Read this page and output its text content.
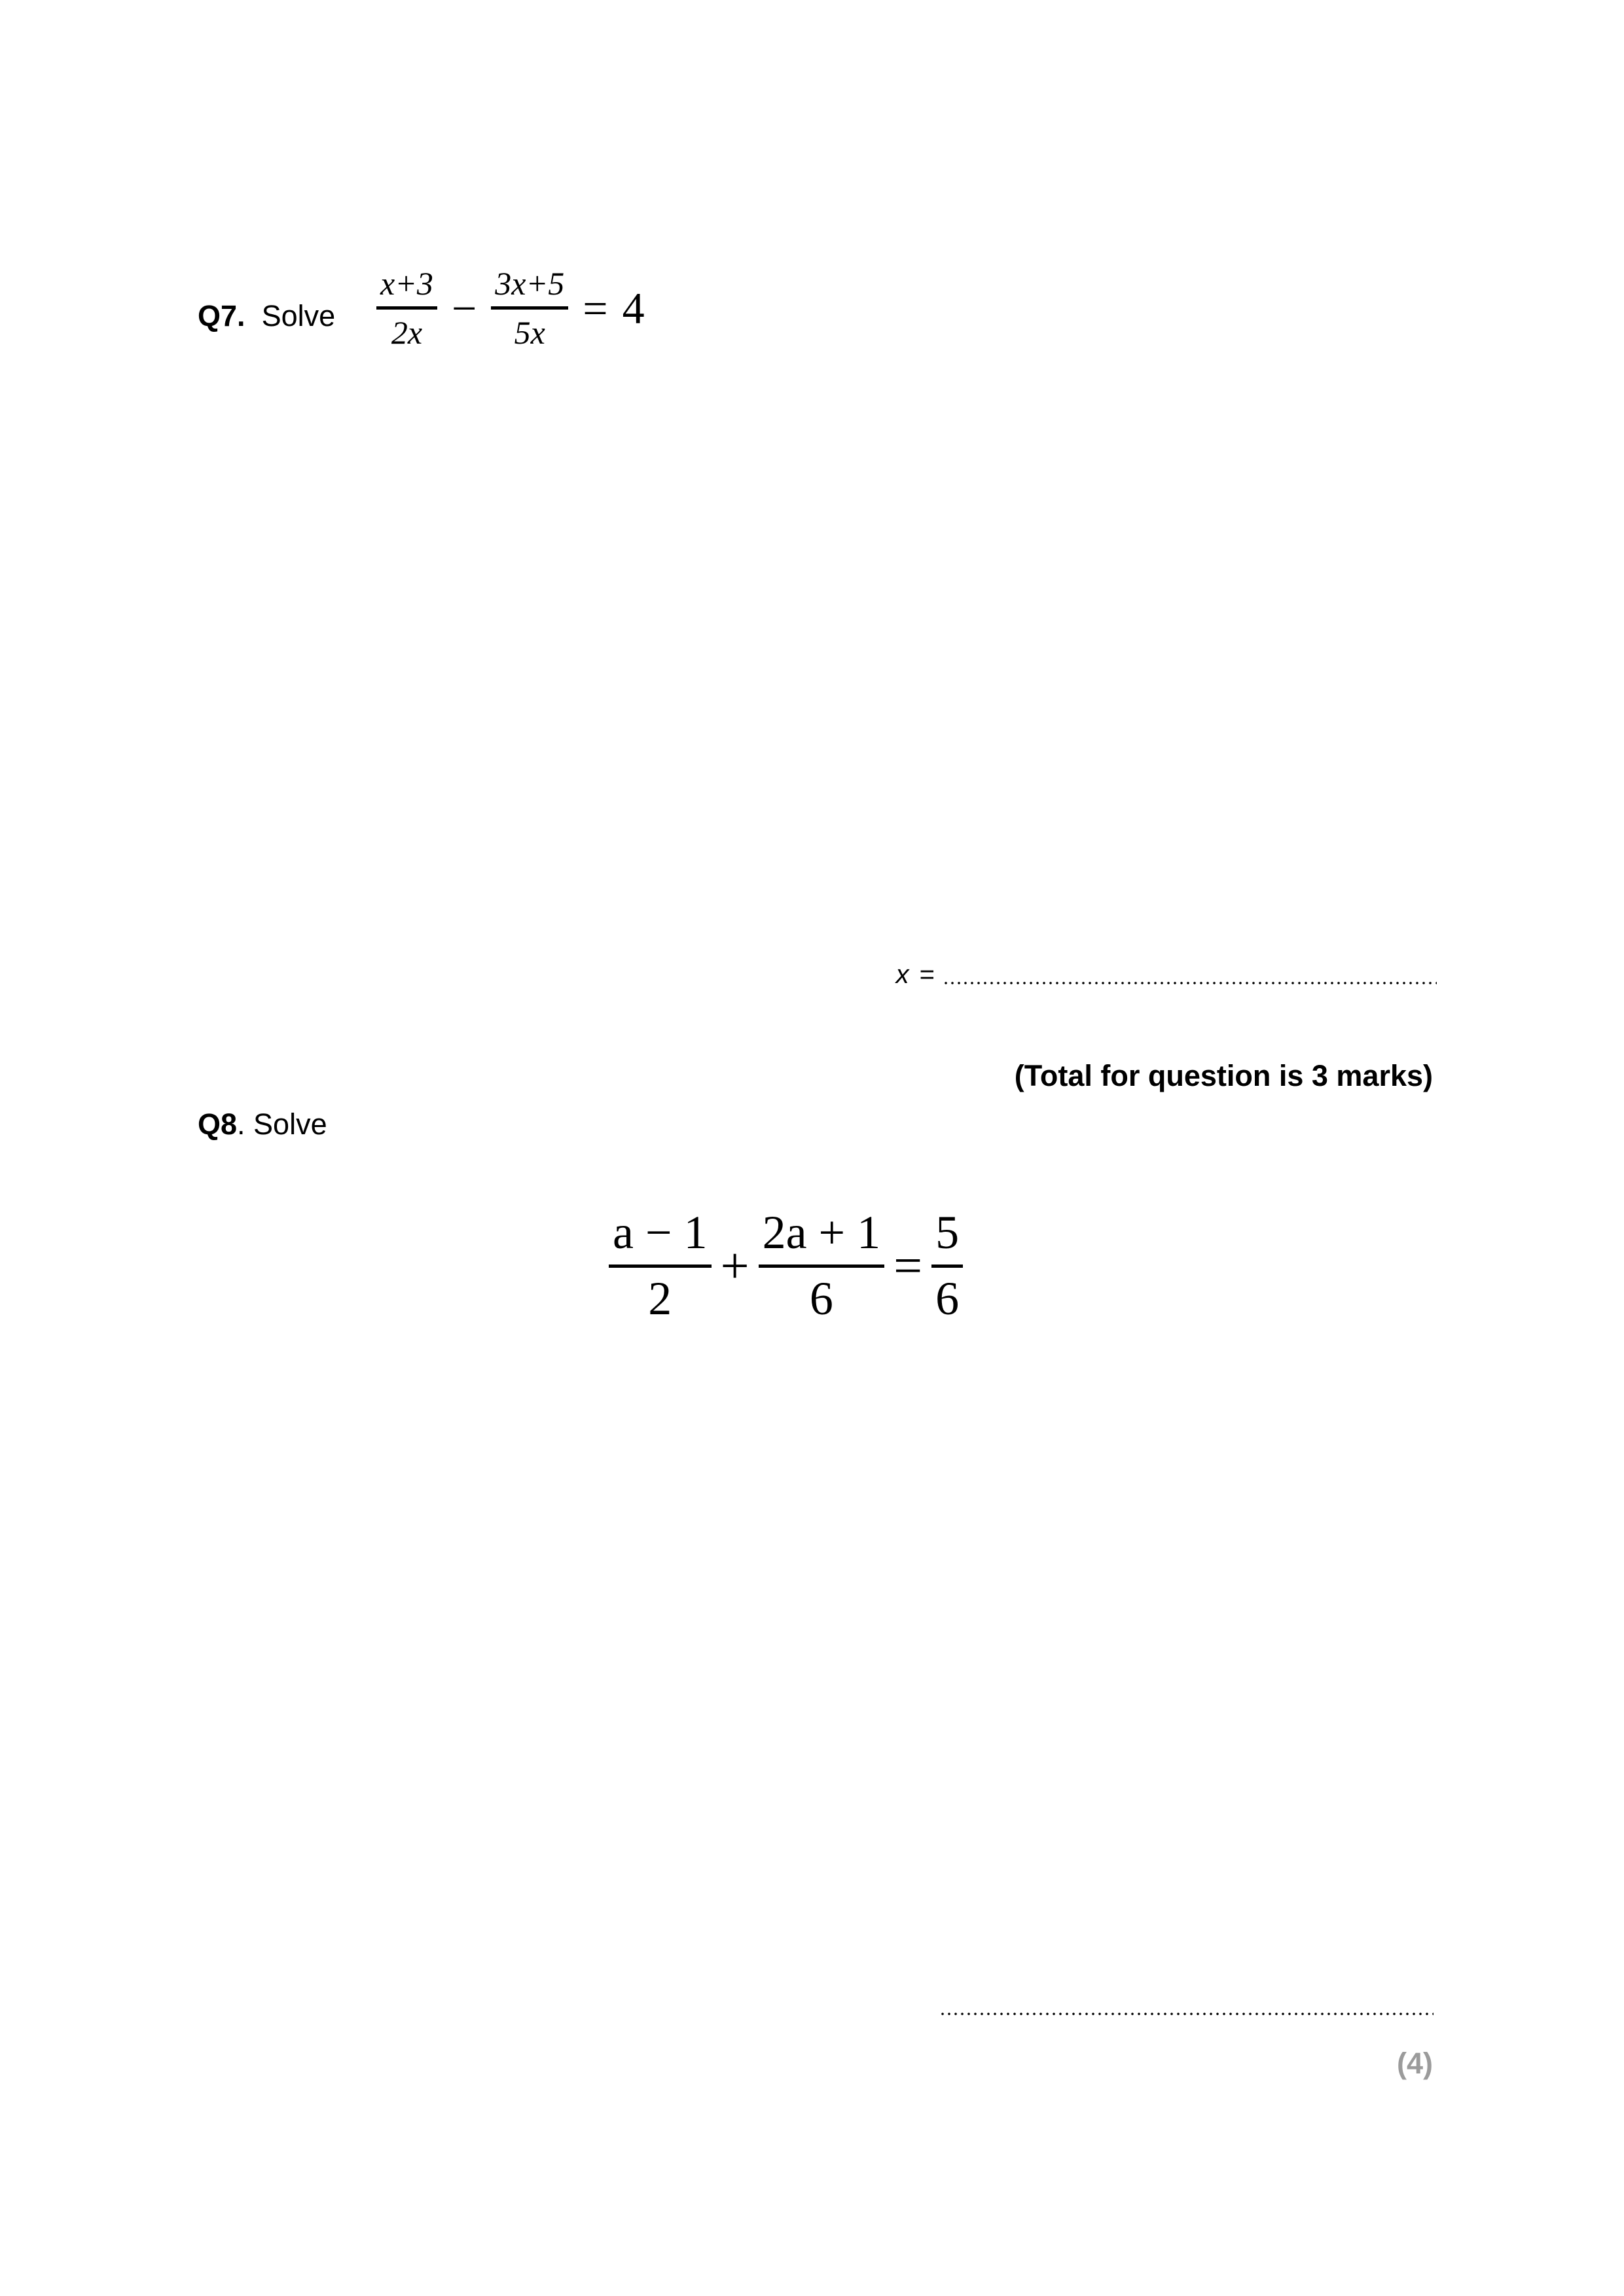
Q7. Solve
x+3
2x − 3x+5
5x = 4
x =
(Total for question is 3 marks)
Q8. Solve
a − 1
2
+
2a + 1
6
=
5
6
(4)
